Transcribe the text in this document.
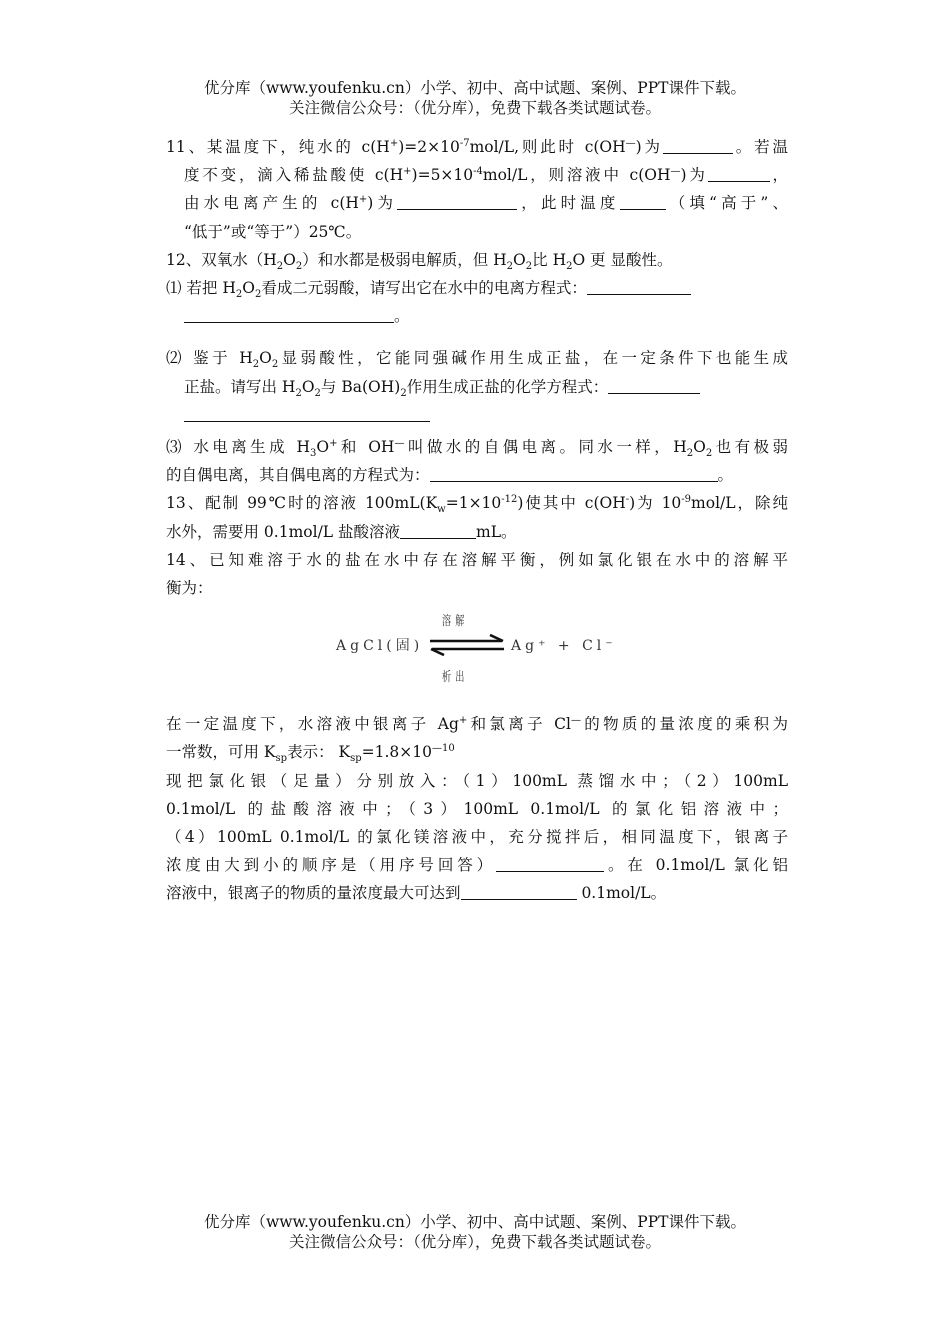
优分库（www.youfenku.cn）小学、初中、高中试题、案例、PPT课件下载。
关注微信公众号：（优分库），免费下载各类试题试卷。

11、某温度下，纯水的 $c(H^+)=2\times 10^{-7}mol/L$,则此时 c(OH—)为	。若温

度不变，滴入稀盐酸使 $c(H^+)=5\times 10^{-4}mol/L$，则溶液中 c(OH—)为	，

由水电离产生的 c(H+)为	，此时温度	（填“高于”、

“低于”或“等于”）25℃。

12、双氧水$(H_2O_2)$和水都是极弱电解质，但 $H_2O_2$比 $H_2O$ 更 显酸性。

⑴ 若把 $H_2O_2$看成二元弱酸，请写出它在水中的电离方程式：

。

⑵ 鉴于 $H_2O_2$显弱酸性，它能同强碱作用生成正盐，在一定条件下也能生成

正盐。请写出 $H_2O_2$与 $Ba(OH)_2$作用生成正盐的化学方程式：

⑶ 水电离生成 $H_3O^+$和 OH—叫做水的自偶电离。同水一样，$H_2O_2$也有极弱

的自偶电离，其自偶电离的方程式为：	。

13、配制 99℃时的溶液 $100mL(K_w=1\times 10^{-12})$使其中 c(OH-)为 $10^{-9}mol/L$，除纯

水外，需要用 0.1mol/L 盐酸溶液	mL。

14、已知难溶于水的盐在水中存在溶解平衡，例如氯化银在水中的溶解平

衡为：

溶解
AgCl(固)	Ag⁺ + Cl⁻
析出

在一定温度下，水溶液中银离子 Ag+和氯离子 Cl—的物质的量浓度的乘积为

一常数，可用 $K_{sp}$表示： $K_{sp}=1.8\times 10^{—10}$

现把氯化银（足量）分别放入：（1）100mL 蒸馏水中；（2）100mL

0.1mol/L 的盐酸溶液中；（3）100mL 0.1mol/L 的氯化铝溶液中；

（4）100mL 0.1mol/L 的氯化镁溶液中，充分搅拌后，相同温度下，银离子

浓度由大到小的顺序是（用序号回答）	。在 0.1mol/L 氯化铝

溶液中，银离子的物质的量浓度最大可达到	0.1mol/L。

优分库（www.youfenku.cn）小学、初中、高中试题、案例、PPT课件下载。
关注微信公众号：（优分库），免费下载各类试题试卷。
